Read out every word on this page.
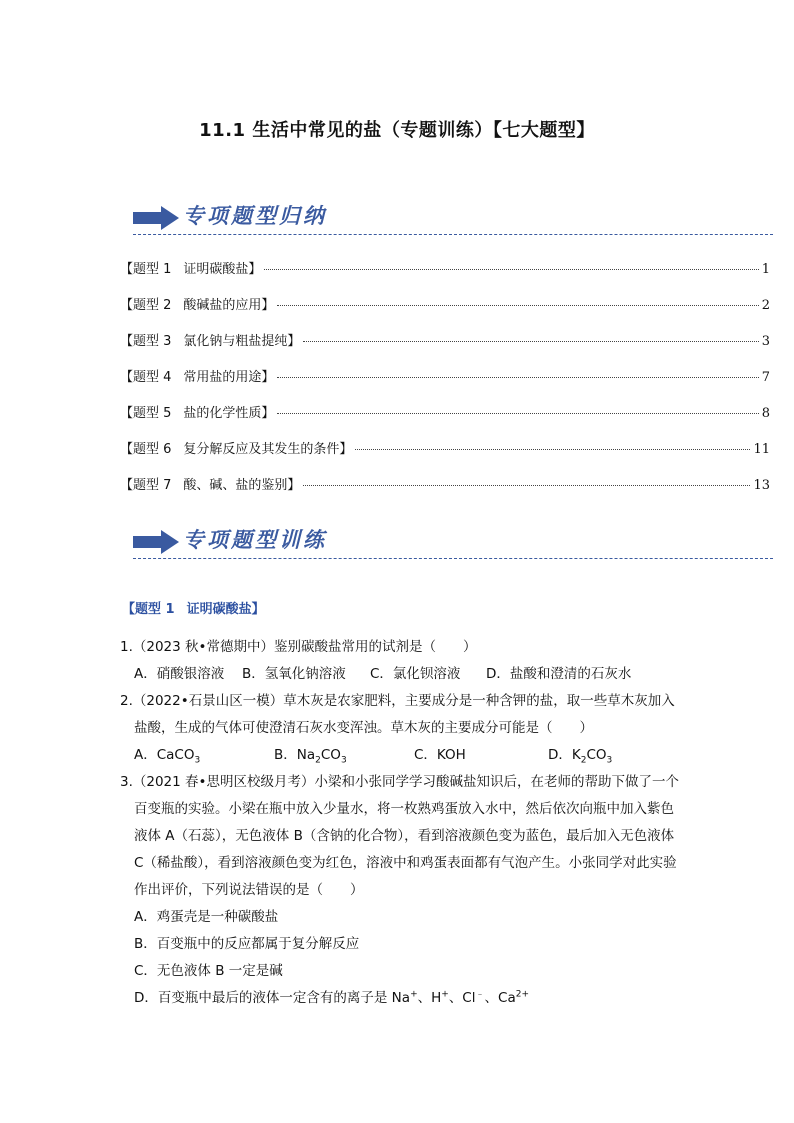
11.1 生活中常见的盐（专题训练）【七大题型】
专项题型归纳
【题型 1 证明碳酸盐】	1
【题型 2 酸碱盐的应用】	2
【题型 3 氯化钠与粗盐提纯】	3
【题型 4 常用盐的用途】	7
【题型 5 盐的化学性质】	8
【题型 6 复分解反应及其发生的条件】	11
【题型 7 酸、碱、盐的鉴别】	13
专项题型训练
【题型 1 证明碳酸盐】

1.（2023 秋•常德期中）鉴别碳酸盐常用的试剂是（　　）

A．硝酸银溶液	B．氢氧化钠溶液	C．氯化钡溶液	D．盐酸和澄清的石灰水

2.（2022•石景山区一模）草木灰是农家肥料，主要成分是一种含钾的盐，取一些草木灰加入盐酸，生成的气体可使澄清石灰水变浑浊。草木灰的主要成分可能是（　　）

A．CaCO$_3$	B．$Na_2CO_3$	C．KOH	D．$K_2CO_3$

3.（2021 春•思明区校级月考）小梁和小张同学学习酸碱盐知识后，在老师的帮助下做了一个百变瓶的实验。小梁在瓶中放入少量水，将一枚熟鸡蛋放入水中，然后依次向瓶中加入紫色液体 A（石蕊），无色液体 B（含钠的化合物），看到溶液颜色变为蓝色，最后加入无色液体 C（稀盐酸），看到溶液颜色变为红色，溶液中和鸡蛋表面都有气泡产生。小张同学对此实验作出评价，下列说法错误的是（　　）

A．鸡蛋壳是一种碳酸盐
B．百变瓶中的反应都属于复分解反应
C．无色液体 B 一定是碱
D．百变瓶中最后的液体一定含有的离子是 Na+、H+、Cl﹣、$Ca^{2+}$
